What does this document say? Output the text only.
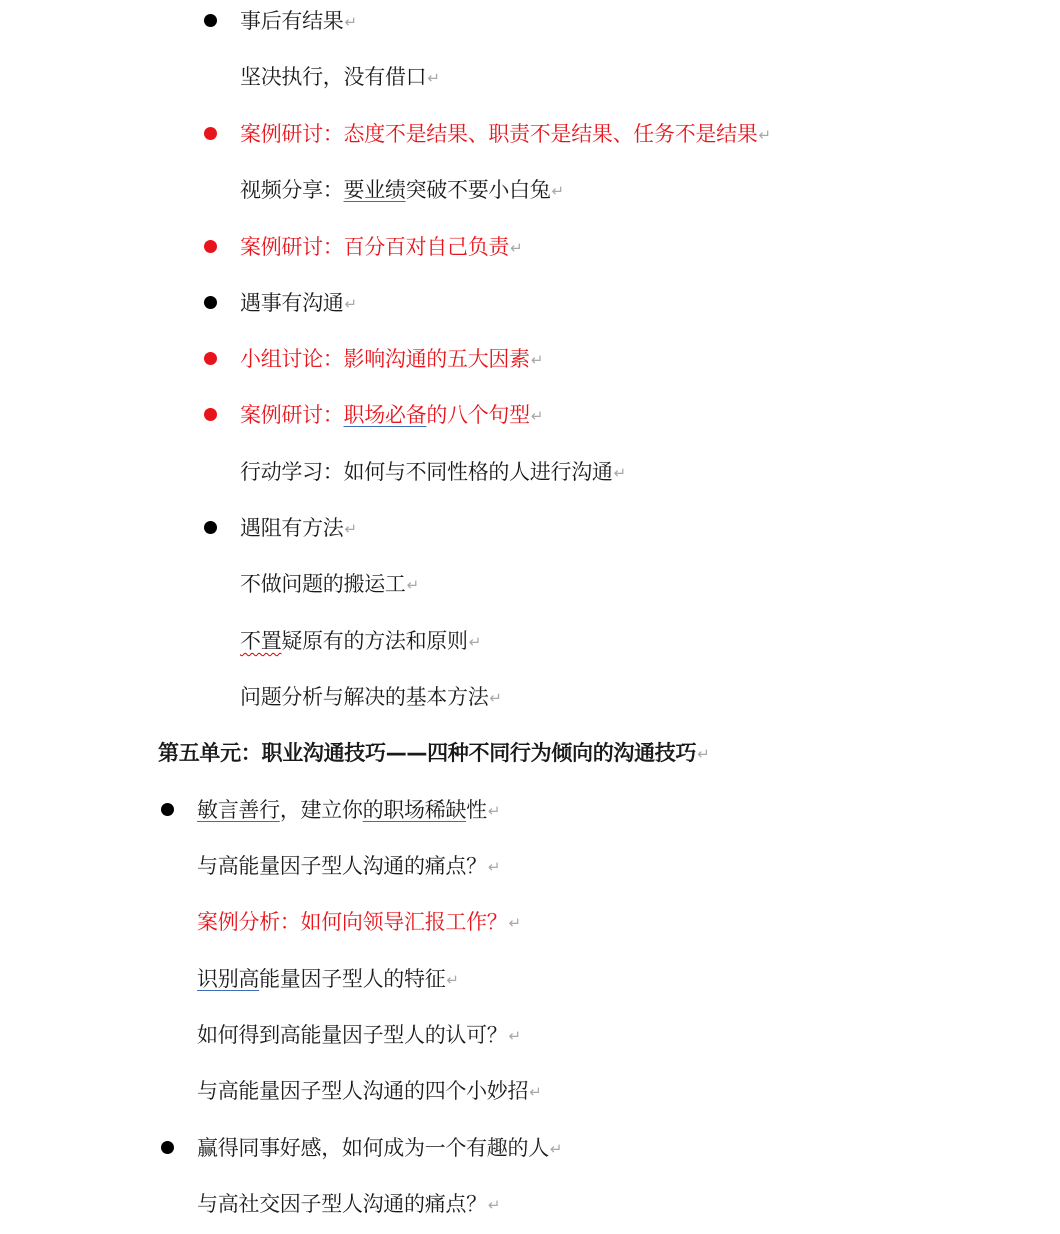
事后有结果↵
坚决执行，没有借口↵
案例研讨：态度不是结果、职责不是结果、任务不是结果↵
视频分享：要业绩突破不要小白兔↵
案例研讨：百分百对自己负责↵
遇事有沟通↵
小组讨论：影响沟通的五大因素↵
案例研讨：职场必备的八个句型↵
行动学习：如何与不同性格的人进行沟通↵
遇阻有方法↵
不做问题的搬运工↵
不置疑原有的方法和原则↵
问题分析与解决的基本方法↵
第五单元：职业沟通技巧——四种不同行为倾向的沟通技巧↵
敏言善行，建立你的职场稀缺性↵
与高能量因子型人沟通的痛点？↵
案例分析：如何向领导汇报工作？↵
识别高能量因子型人的特征↵
如何得到高能量因子型人的认可？↵
与高能量因子型人沟通的四个小妙招↵
赢得同事好感，如何成为一个有趣的人↵
与高社交因子型人沟通的痛点？↵
